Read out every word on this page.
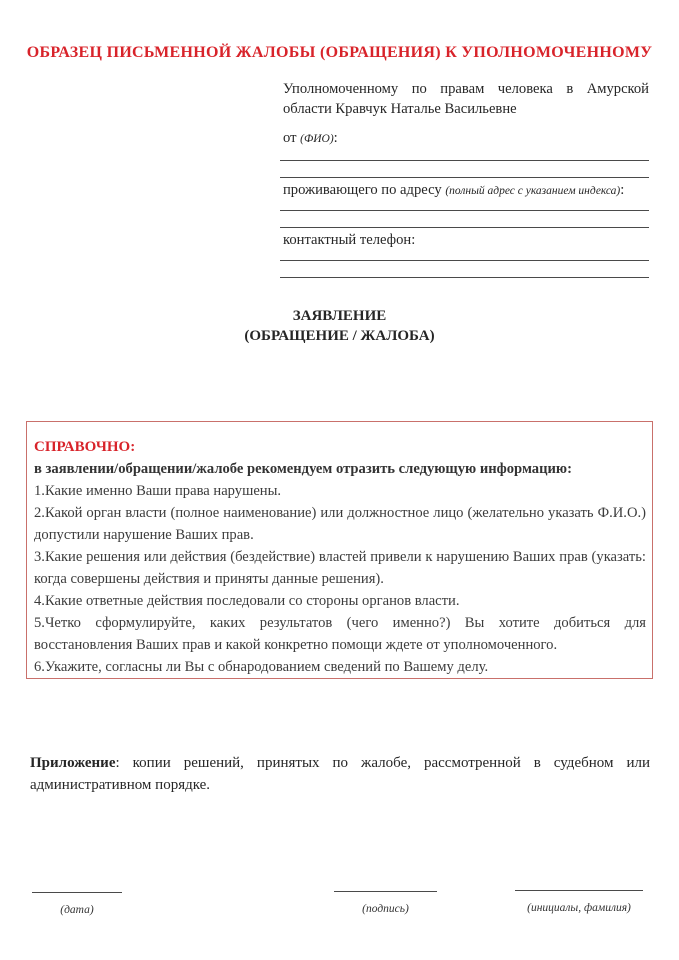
ОБРАЗЕЦ ПИСЬМЕННОЙ ЖАЛОБЫ (ОБРАЩЕНИЯ) К УПОЛНОМОЧЕННОМУ
Уполномоченному по правам человека в Амурской области Кравчук Наталье Васильевне
от (ФИО):
проживающего по адресу (полный адрес с указанием индекса):
контактный телефон:
ЗАЯВЛЕНИЕ
(ОБРАЩЕНИЕ / ЖАЛОБА)
СПРАВОЧНО:
в заявлении/обращении/жалобе рекомендуем отразить следующую информацию:

1.Какие именно Ваши права нарушены.

2.Какой орган власти (полное наименование) или должностное лицо (желательно указать Ф.И.О.) допустили нарушение Ваших прав.

3.Какие решения или действия (бездействие) властей привели к нарушению Ваших прав (указать: когда совершены действия и приняты данные решения).

4.Какие ответные действия последовали со стороны органов власти.

5.Четко сформулируйте, каких результатов (чего именно?) Вы хотите добиться для восстановления Ваших прав и какой конкретно помощи ждете от уполномоченного.

6.Укажите, согласны ли Вы с обнародованием сведений по Вашему делу.

Приложение: копии решений, принятых по жалобе, рассмотренной в судебном или административном порядке.
(дата)	(подпись)	(инициалы, фамилия)
